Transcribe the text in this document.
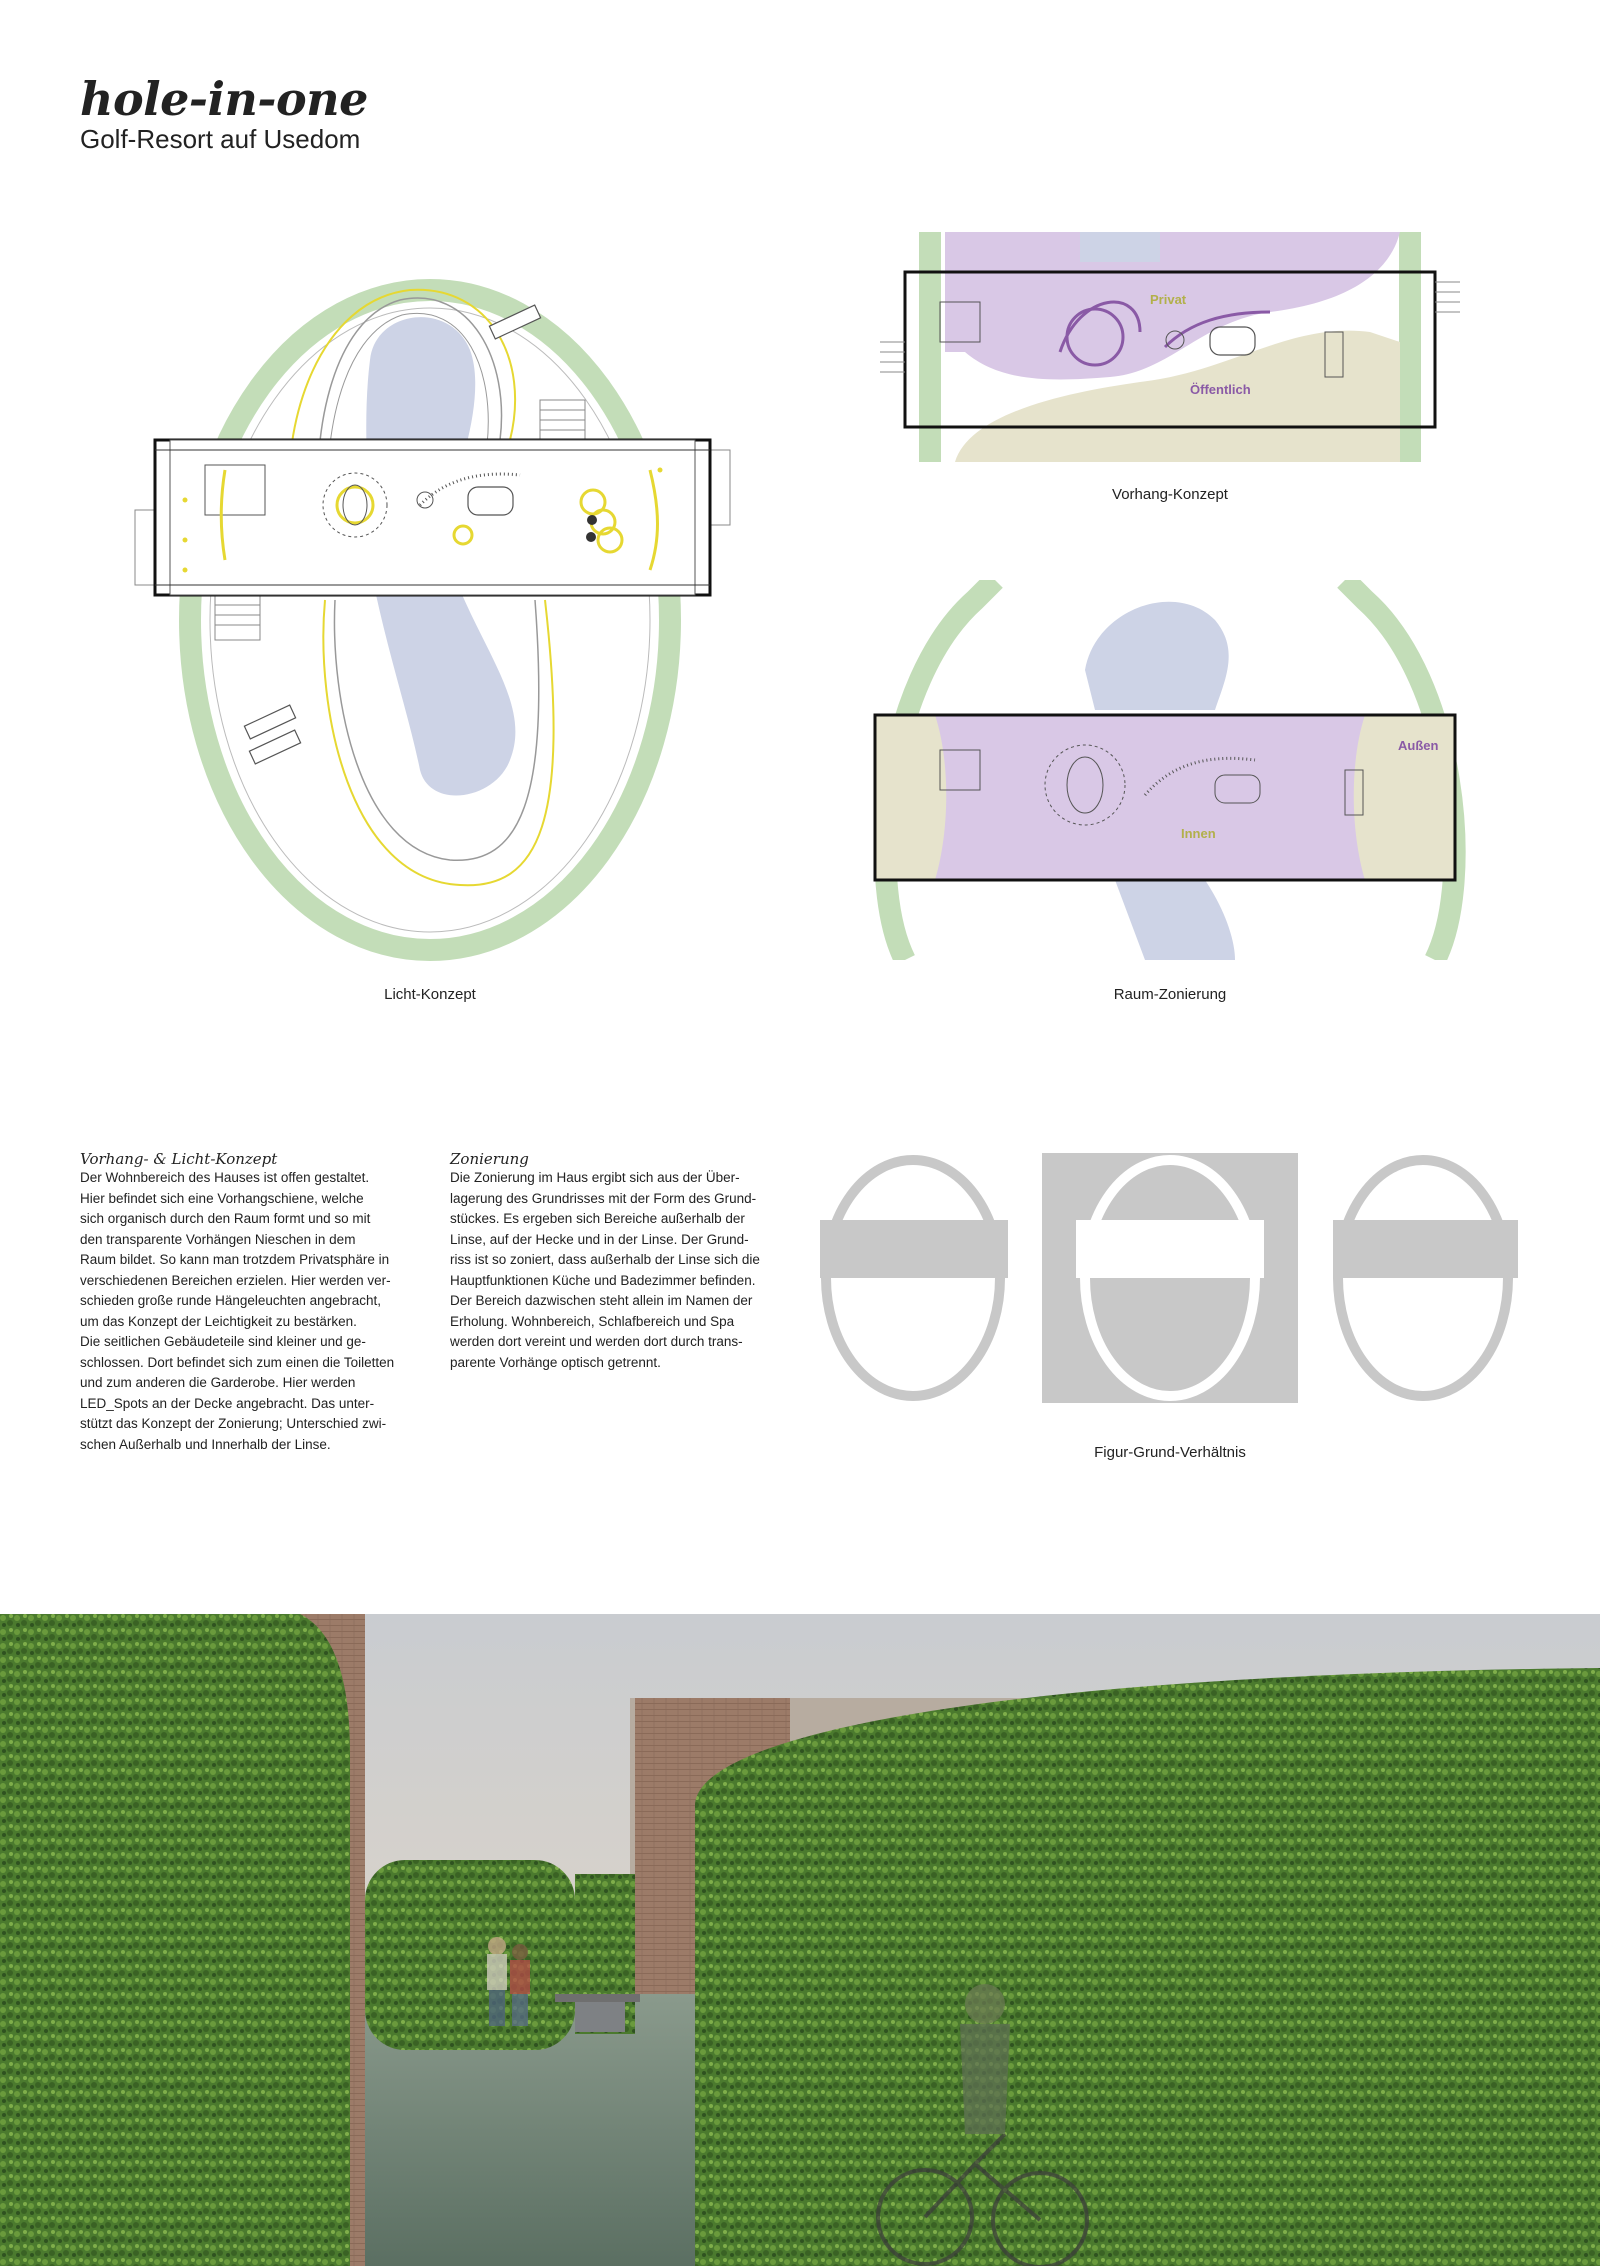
hole-in-one
Golf-Resort auf Usedom
Licht-Konzept
Privat
Öffentlich
Vorhang-Konzept
Außen
Innen
Raum-Zonierung
Vorhang- & Licht-Konzept

Der Wohnbereich des Hauses ist offen gestaltet.

Hier befindet sich eine Vorhangschiene, welche

sich organisch durch den Raum formt und so mit

den transparente Vorhängen Nieschen in dem

Raum bildet. So kann man trotzdem Privatsphäre in

verschiedenen Bereichen erzielen. Hier werden ver-

schieden große runde Hängeleuchten angebracht,

um das Konzept der Leichtigkeit zu bestärken.

Die seitlichen Gebäudeteile sind kleiner und ge-

schlossen. Dort befindet sich zum einen die Toiletten

und zum anderen die Garderobe. Hier werden

LED_Spots an der Decke angebracht. Das unter-

stützt das Konzept der Zonierung; Unterschied zwi-

schen Außerhalb und Innerhalb der Linse.

Zonierung

Die Zonierung im Haus ergibt sich aus der Über-

lagerung des Grundrisses mit der Form des Grund-

stückes. Es ergeben sich Bereiche außerhalb der

Linse, auf der Hecke und in der Linse. Der Grund-

riss ist so zoniert, dass außerhalb der Linse sich die

Hauptfunktionen Küche und Badezimmer befinden.

Der Bereich dazwischen steht allein im Namen der

Erholung. Wohnbereich, Schlafbereich und Spa

werden dort vereint und werden dort durch trans-

parente Vorhänge optisch getrennt.

Figur-Grund-Verhältnis
